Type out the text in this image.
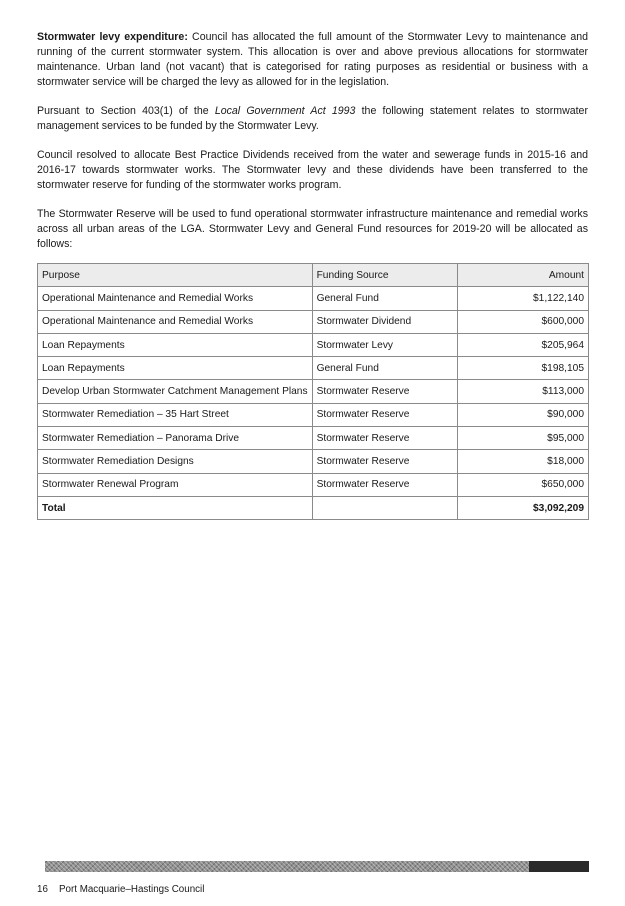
Stormwater levy expenditure: Council has allocated the full amount of the Stormwater Levy to maintenance and running of the current stormwater system. This allocation is over and above previous allocations for stormwater maintenance. Urban land (not vacant) that is categorised for rating purposes as residential or business with a stormwater service will be charged the levy as allowed for in the legislation.

Pursuant to Section 403(1) of the Local Government Act 1993 the following statement relates to stormwater management services to be funded by the Stormwater Levy.

Council resolved to allocate Best Practice Dividends received from the water and sewerage funds in 2015-16 and 2016-17 towards stormwater works. The Stormwater levy and these dividends have been transferred to the stormwater reserve for funding of the stormwater works program.

The Stormwater Reserve will be used to fund operational stormwater infrastructure maintenance and remedial works across all urban areas of the LGA. Stormwater Levy and General Fund resources for 2019-20 will be allocated as follows:

Purpose	Funding Source	Amount
Operational Maintenance and Remedial Works	General Fund	$1,122,140
Operational Maintenance and Remedial Works	Stormwater Dividend	$600,000
Loan Repayments	Stormwater Levy	$205,964
Loan Repayments	General Fund	$198,105
Develop Urban Stormwater Catchment Management Plans	Stormwater Reserve	$113,000
Stormwater Remediation – 35 Hart Street	Stormwater Reserve	$90,000
Stormwater Remediation – Panorama Drive	Stormwater Reserve	$95,000
Stormwater Remediation Designs	Stormwater Reserve	$18,000
Stormwater Renewal Program	Stormwater Reserve	$650,000
Total		$3,092,209
16 Port Macquarie–Hastings Council
